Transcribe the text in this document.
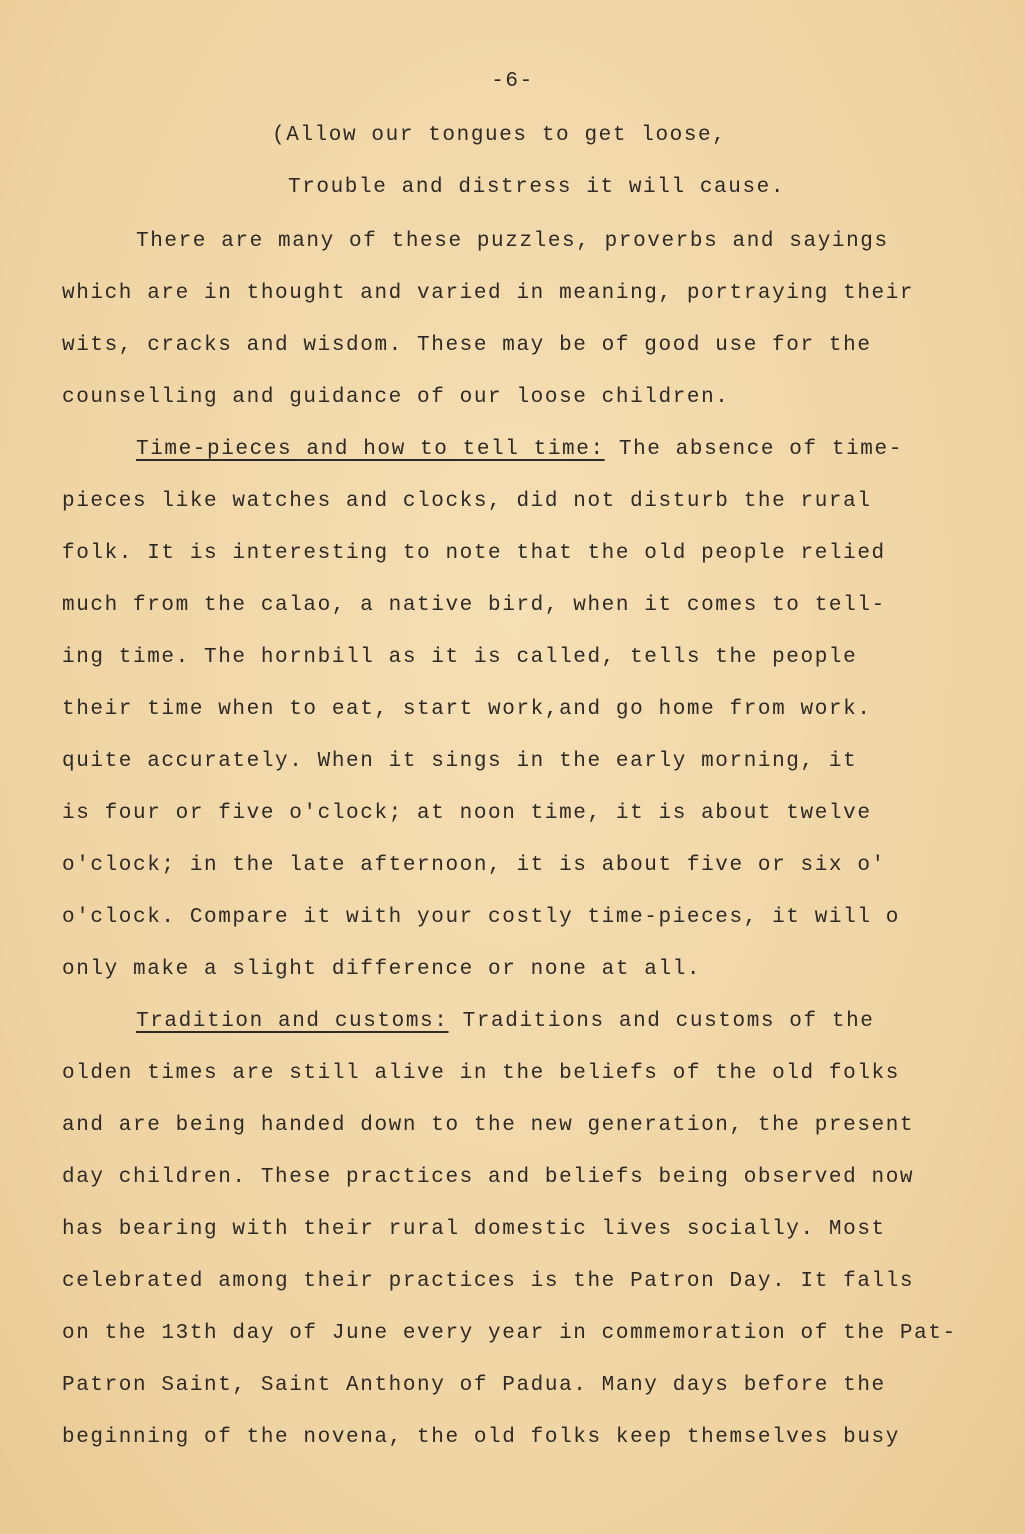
-6-
(Allow our tongues to get loose,
Trouble and distress it will cause.
There are many of these puzzles, proverbs and sayings
which are in thought and varied in meaning, portraying their
wits, cracks and wisdom. These may be of good use for the
counselling and guidance of our loose children.
Time-pieces and how to tell time: The absence of time-
pieces like watches and clocks, did not disturb the rural
folk. It is interesting to note that the old people relied
much from the calao, a native bird, when it comes to tell-
ing time. The hornbill as it is called, tells the people
their time when to eat, start work,and go home from work.
quite accurately. When it sings in the early morning, it
is four or five o'clock; at noon time, it is about twelve
o'clock; in the late afternoon, it is about five or six o'
o'clock. Compare it with your costly time-pieces, it will o
only make a slight difference or none at all.
Tradition and customs: Traditions and customs of the
olden times are still alive in the beliefs of the old folks
and are being handed down to the new generation, the present
day children. These practices and beliefs being observed now
has bearing with their rural domestic lives socially. Most
celebrated among their practices is the Patron Day. It falls
on the 13th day of June every year in commemoration of the Pat-
Patron Saint, Saint Anthony of Padua. Many days before the
beginning of the novena, the old folks keep themselves busy
